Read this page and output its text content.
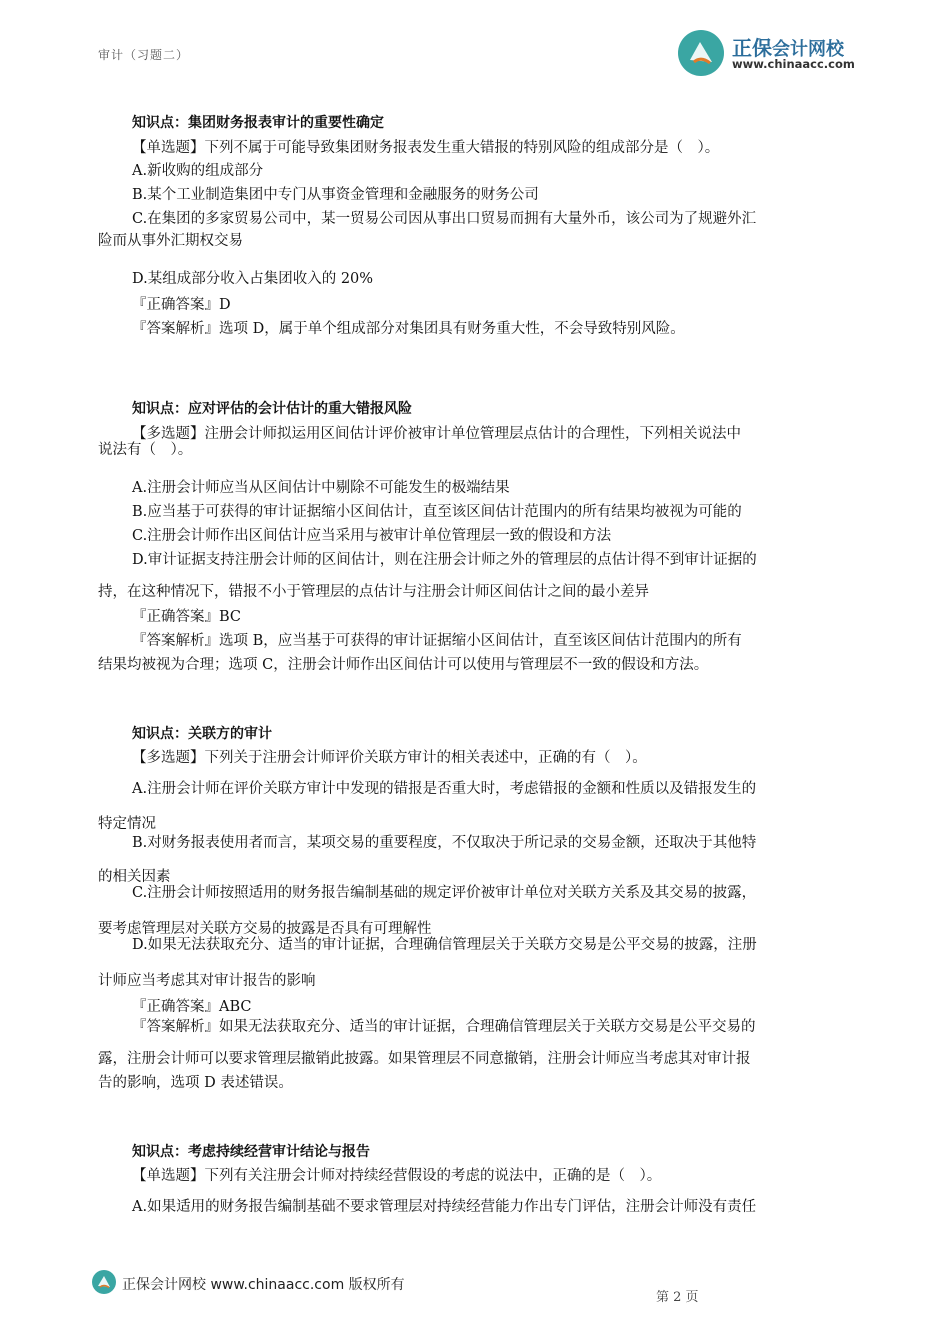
审计（习题二）	正保会计网校
www.chinaacc.com
知识点：集团财务报表审计的重要性确定
【单选题】下列不属于可能导致集团财务报表发生重大错报的特别风险的组成部分是（　）。
A.新收购的组成部分
B.某个工业制造集团中专门从事资金管理和金融服务的财务公司
C.在集团的多家贸易公司中，某一贸易公司因从事出口贸易而拥有大量外币，该公司为了规避外汇
险而从事外汇期权交易
D.某组成部分收入占集团收入的 20%
『正确答案』D
『答案解析』选项 D，属于单个组成部分对集团具有财务重大性，不会导致特别风险。
知识点：应对评估的会计估计的重大错报风险
【多选题】注册会计师拟运用区间估计评价被审计单位管理层点估计的合理性，下列相关说法中
说法有（　）。
A.注册会计师应当从区间估计中剔除不可能发生的极端结果
B.应当基于可获得的审计证据缩小区间估计，直至该区间估计范围内的所有结果均被视为可能的
C.注册会计师作出区间估计应当采用与被审计单位管理层一致的假设和方法
D.审计证据支持注册会计师的区间估计，则在注册会计师之外的管理层的点估计得不到审计证据的
持，在这种情况下，错报不小于管理层的点估计与注册会计师区间估计之间的最小差异
『正确答案』BC
『答案解析』选项 B，应当基于可获得的审计证据缩小区间估计，直至该区间估计范围内的所有
结果均被视为合理；选项 C，注册会计师作出区间估计可以使用与管理层不一致的假设和方法。
知识点：关联方的审计
【多选题】下列关于注册会计师评价关联方审计的相关表述中，正确的有（　）。
A.注册会计师在评价关联方审计中发现的错报是否重大时，考虑错报的金额和性质以及错报发生的
特定情况
B.对财务报表使用者而言，某项交易的重要程度，不仅取决于所记录的交易金额，还取决于其他特
的相关因素
C.注册会计师按照适用的财务报告编制基础的规定评价被审计单位对关联方关系及其交易的披露，
要考虑管理层对关联方交易的披露是否具有可理解性
D.如果无法获取充分、适当的审计证据，合理确信管理层关于关联方交易是公平交易的披露，注册
计师应当考虑其对审计报告的影响
『正确答案』ABC
『答案解析』如果无法获取充分、适当的审计证据，合理确信管理层关于关联方交易是公平交易的
露，注册会计师可以要求管理层撤销此披露。如果管理层不同意撤销，注册会计师应当考虑其对审计报
告的影响，选项 D 表述错误。
知识点：考虑持续经营审计结论与报告
【单选题】下列有关注册会计师对持续经营假设的考虑的说法中，正确的是（　）。
A.如果适用的财务报告编制基础不要求管理层对持续经营能力作出专门评估，注册会计师没有责任
正保会计网校 www.chinaacc.com 版权所有
第 2 页
